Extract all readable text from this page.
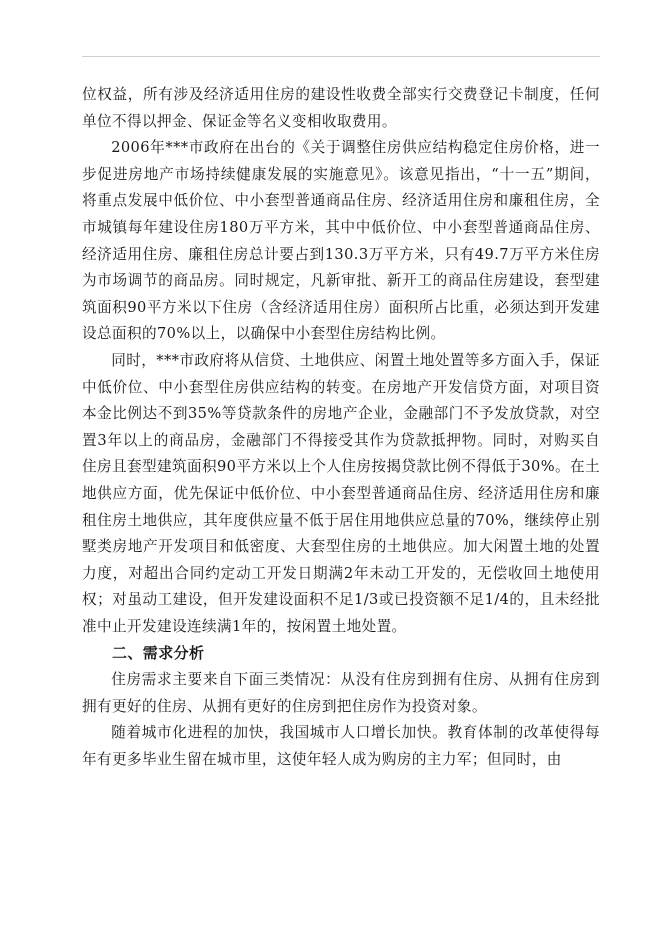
位权益，所有涉及经济适用住房的建设性收费全部实行交费登记卡制度，任何单位不得以押金、保证金等名义变相收取费用。

2006年***市政府在出台的《关于调整住房供应结构稳定住房价格，进一步促进房地产市场持续健康发展的实施意见》。该意见指出，“十一五”期间，将重点发展中低价位、中小套型普通商品住房、经济适用住房和廉租住房，全市城镇每年建设住房180万平方米，其中中低价位、中小套型普通商品住房、经济适用住房、廉租住房总计要占到130.3万平方米，只有49.7万平方米住房为市场调节的商品房。同时规定，凡新审批、新开工的商品住房建设，套型建筑面积90平方米以下住房（含经济适用住房）面积所占比重，必须达到开发建设总面积的70%以上，以确保中小套型住房结构比例。

同时，***市政府将从信贷、土地供应、闲置土地处置等多方面入手，保证中低价位、中小套型住房供应结构的转变。在房地产开发信贷方面，对项目资本金比例达不到35%等贷款条件的房地产企业，金融部门不予发放贷款，对空置3年以上的商品房，金融部门不得接受其作为贷款抵押物。同时，对购买自住房且套型建筑面积90平方米以上个人住房按揭贷款比例不得低于30%。在土地供应方面，优先保证中低价位、中小套型普通商品住房、经济适用住房和廉租住房土地供应，其年度供应量不低于居住用地供应总量的70%，继续停止别墅类房地产开发项目和低密度、大套型住房的土地供应。加大闲置土地的处置力度，对超出合同约定动工开发日期满2年未动工开发的，无偿收回土地使用权；对虽动工建设，但开发建设面积不足1/3或已投资额不足1/4的，且未经批准中止开发建设连续满1年的，按闲置土地处置。

二、需求分析

住房需求主要来自下面三类情况：从没有住房到拥有住房、从拥有住房到拥有更好的住房、从拥有更好的住房到把住房作为投资对象。

随着城市化进程的加快，我国城市人口增长加快。教育体制的改革使得每年有更多毕业生留在城市里，这使年轻人成为购房的主力军；但同时，由
